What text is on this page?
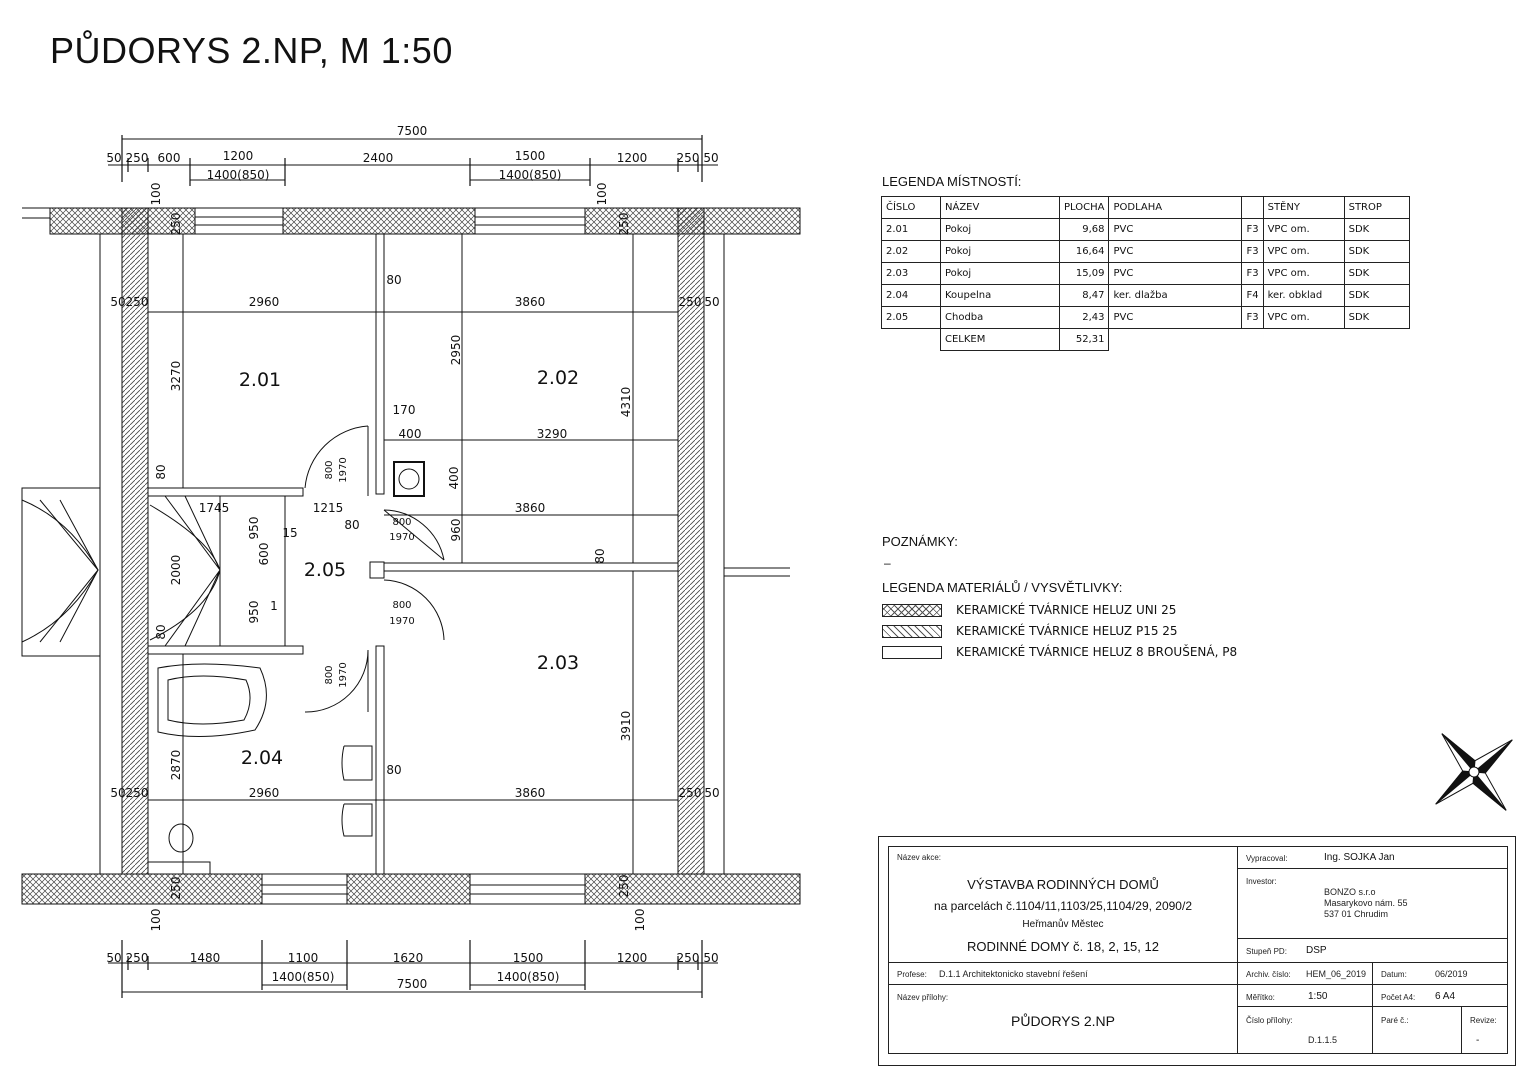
PŮDORYS 2.NP, M 1:50
7500
50 250 600	1200	2400	1500	1200 250 50
1400(850)	1400(850)
7500
50 250	1480	1100	1620	1500	1200 250 50
1400(850)	1400(850)
2960	3860
2960	3860
3290
3860
170
400
80
80
80
1745	1215
15
1
800
1970
800
1970
3270
2950
4310
3910
2870
960
400
2000
950
950
600
100	100
100	100
250	250
250	250
80
80
80
800 1970
800 1970
50 250	250 50
50 250	250 50
2.01	2.02
2.03
2.04
2.05
LEGENDA MÍSTNOSTÍ:
ČÍSLO	NÁZEV	PLOCHA	PODLAHA		STĚNY	STROP
2.01	Pokoj	9,68	PVC	F3	VPC om.	SDK
2.02	Pokoj	16,64	PVC	F3	VPC om.	SDK
2.03	Pokoj	15,09	PVC	F3	VPC om.	SDK
2.04	Koupelna	8,47	ker. dlažba	F4	ker. obklad	SDK
2.05	Chodba	2,43	PVC	F3	VPC om.	SDK
	CELKEM	52,31				
POZNÁMKY:
–
LEGENDA MATERIÁLŮ / VYSVĚTLIVKY:
KERAMICKÉ TVÁRNICE HELUZ UNI 25
KERAMICKÉ TVÁRNICE HELUZ P15 25
KERAMICKÉ TVÁRNICE HELUZ 8 BROUŠENÁ, P8
Název akce:
VÝSTAVBA RODINNÝCH DOMŮ
na parcelách č.1104/11,1103/25,1104/29, 2090/2
Heřmanův Městec
RODINNÉ DOMY č. 18, 2, 15, 12
Vypracoval:	Ing. SOJKA Jan
Investor:
BONZO s.r.o
Masarykovo nám. 55
537 01 Chrudim
Stupeň PD: DSP
Profese: D.1.1 Architektonicko stavební řešení	Archiv. číslo: HEM_06_2019 Datum:	06/2019
Název přílohy:
PŮDORYS 2.NP
Měřítko:	1:50	Počet A4: 6 A4
Číslo přílohy:
D.1.1.5
Paré č.:	Revize:
-
